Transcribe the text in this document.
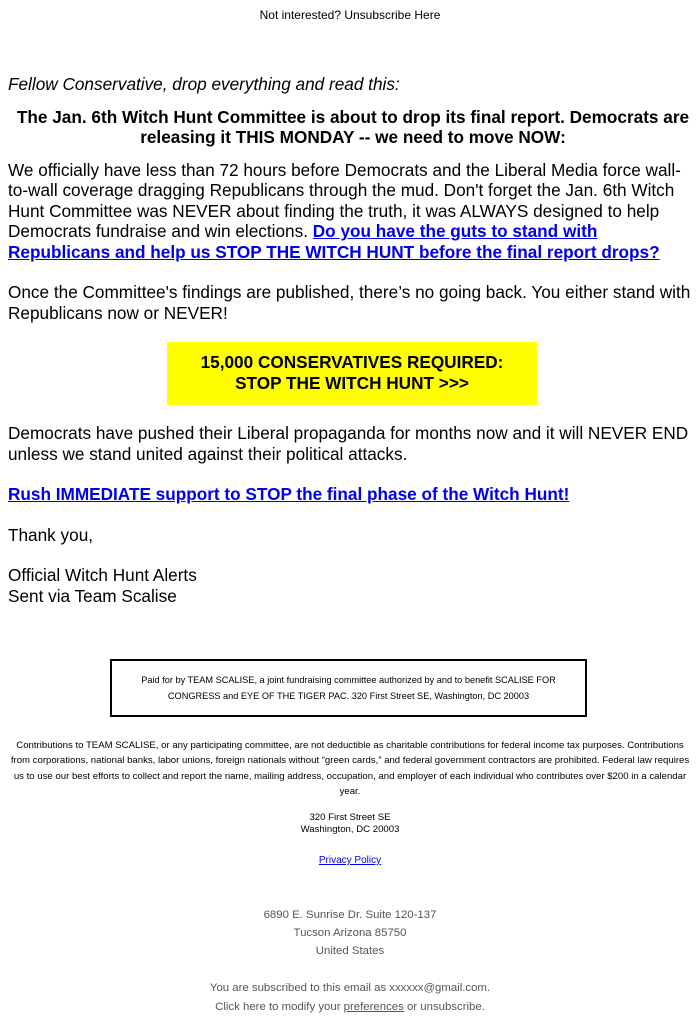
Not interested? Unsubscribe Here

Fellow Conservative, drop everything and read this:

The Jan. 6th Witch Hunt Committee is about to drop its final report. Democrats are releasing it THIS MONDAY -- we need to move NOW:

We officially have less than 72 hours before Democrats and the Liberal Media force wall-to-wall coverage dragging Republicans through the mud. Don't forget the Jan. 6th Witch Hunt Committee was NEVER about finding the truth, it was ALWAYS designed to help Democrats fundraise and win elections. Do you have the guts to stand with Republicans and help us STOP THE WITCH HUNT before the final report drops?

Once the Committee's findings are published, there’s no going back. You either stand with Republicans now or NEVER!

15,000 CONSERVATIVES REQUIRED:
STOP THE WITCH HUNT >>>

Democrats have pushed their Liberal propaganda for months now and it will NEVER END unless we stand united against their political attacks.

Rush IMMEDIATE support to STOP the final phase of the Witch Hunt!

Thank you,

Official Witch Hunt Alerts
Sent via Team Scalise

Paid for by TEAM SCALISE, a joint fundraising committee authorized by and to benefit SCALISE FOR CONGRESS and EYE OF THE TIGER PAC. 320 First Street SE, Washington, DC 20003
Contributions to TEAM SCALISE, or any participating committee, are not deductible as charitable contributions for federal income tax purposes. Contributions from corporations, national banks, labor unions, foreign nationals without “green cards,” and federal government contractors are prohibited. Federal law requires us to use our best efforts to collect and report the name, mailing address, occupation, and employer of each individual who contributes over $200 in a calendar year.
320 First Street SE
Washington, DC 20003
Privacy Policy
6890 E. Sunrise Dr. Suite 120-137
Tucson Arizona 85750
United States
You are subscribed to this email as xxxxxx@gmail.com.
Click here to modify your preferences or unsubscribe.
